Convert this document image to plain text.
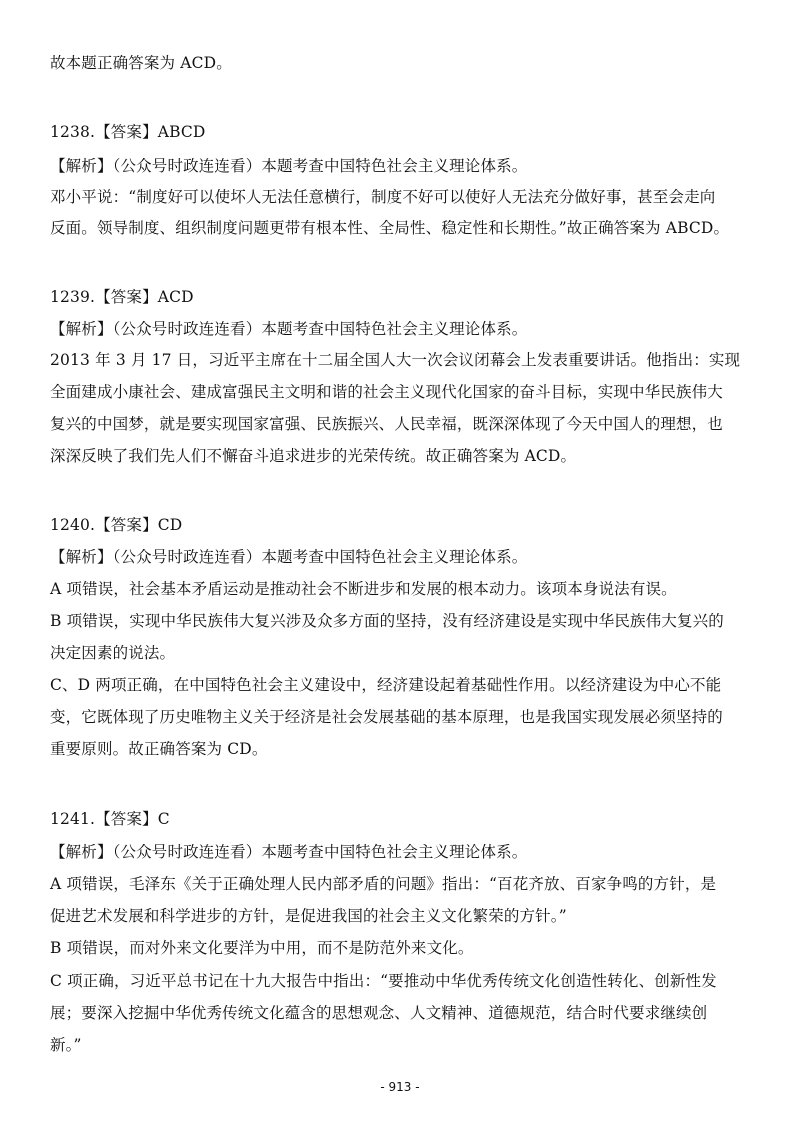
故本题正确答案为 ACD。
1238.【答案】ABCD
【解析】（公众号时政连连看）本题考查中国特色社会主义理论体系。
邓小平说：“制度好可以使坏人无法任意横行，制度不好可以使好人无法充分做好事，甚至会走向
反面。领导制度、组织制度问题更带有根本性、全局性、稳定性和长期性。”故正确答案为 ABCD。
1239.【答案】ACD
【解析】（公众号时政连连看）本题考查中国特色社会主义理论体系。
2013 年 3 月 17 日，习近平主席在十二届全国人大一次会议闭幕会上发表重要讲话。他指出：实现
全面建成小康社会、建成富强民主文明和谐的社会主义现代化国家的奋斗目标，实现中华民族伟大
复兴的中国梦，就是要实现国家富强、民族振兴、人民幸福，既深深体现了今天中国人的理想，也
深深反映了我们先人们不懈奋斗追求进步的光荣传统。故正确答案为 ACD。
1240.【答案】CD
【解析】（公众号时政连连看）本题考查中国特色社会主义理论体系。
A 项错误，社会基本矛盾运动是推动社会不断进步和发展的根本动力。该项本身说法有误。
B 项错误，实现中华民族伟大复兴涉及众多方面的坚持，没有经济建设是实现中华民族伟大复兴的
决定因素的说法。
C、D 两项正确，在中国特色社会主义建设中，经济建设起着基础性作用。以经济建设为中心不能
变，它既体现了历史唯物主义关于经济是社会发展基础的基本原理，也是我国实现发展必须坚持的
重要原则。故正确答案为 CD。
1241.【答案】C
【解析】（公众号时政连连看）本题考查中国特色社会主义理论体系。
A 项错误，毛泽东《关于正确处理人民内部矛盾的问题》指出：“百花齐放、百家争鸣的方针，是
促进艺术发展和科学进步的方针，是促进我国的社会主义文化繁荣的方针。”
B 项错误，而对外来文化要洋为中用，而不是防范外来文化。
C 项正确，习近平总书记在十九大报告中指出：“要推动中华优秀传统文化创造性转化、创新性发
展；要深入挖掘中华优秀传统文化蕴含的思想观念、人文精神、道德规范，结合时代要求继续创
新。”
- 913 -
